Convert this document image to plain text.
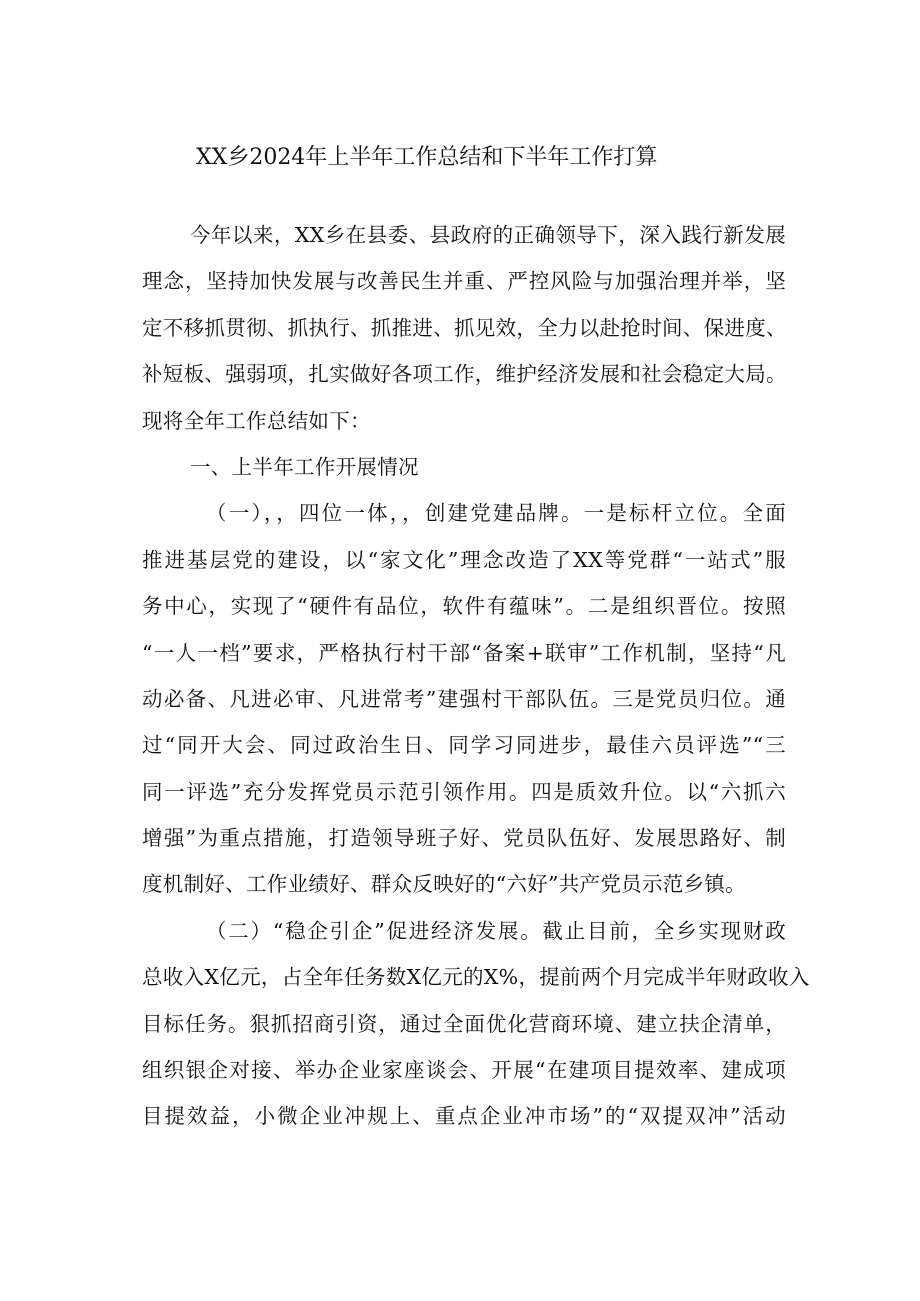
XX乡2024年上半年工作总结和下半年工作打算
今年以来，XX乡在县委、县政府的正确领导下，深入践行新发展
理念，坚持加快发展与改善民生并重、严控风险与加强治理并举，坚
定不移抓贯彻、抓执行、抓推进、抓见效，全力以赴抢时间、保进度、
补短板、强弱项，扎实做好各项工作，维护经济发展和社会稳定大局。
现将全年工作总结如下：
一、上半年工作开展情况
（一），，四位一体，，创建党建品牌。一是标杆立位。全面
推进基层党的建设，以“家文化”理念改造了XX等党群“一站式”服
务中心，实现了“硬件有品位，软件有蕴味”。二是组织晋位。按照
“一人一档”要求，严格执行村干部“备案+联审”工作机制，坚持“凡
动必备、凡进必审、凡进常考”建强村干部队伍。三是党员归位。通
过“同开大会、同过政治生日、同学习同进步，最佳六员评选”“三
同一评选”充分发挥党员示范引领作用。四是质效升位。以“六抓六
增强”为重点措施，打造领导班子好、党员队伍好、发展思路好、制
度机制好、工作业绩好、群众反映好的“六好”共产党员示范乡镇。
（二）“稳企引企”促进经济发展。截止目前，全乡实现财政
总收入X亿元，占全年任务数X亿元的X%，提前两个月完成半年财政收入
目标任务。狠抓招商引资，通过全面优化营商环境、建立扶企清单，
组织银企对接、举办企业家座谈会、开展“在建项目提效率、建成项
目提效益，小微企业冲规上、重点企业冲市场”的“双提双冲”活动
